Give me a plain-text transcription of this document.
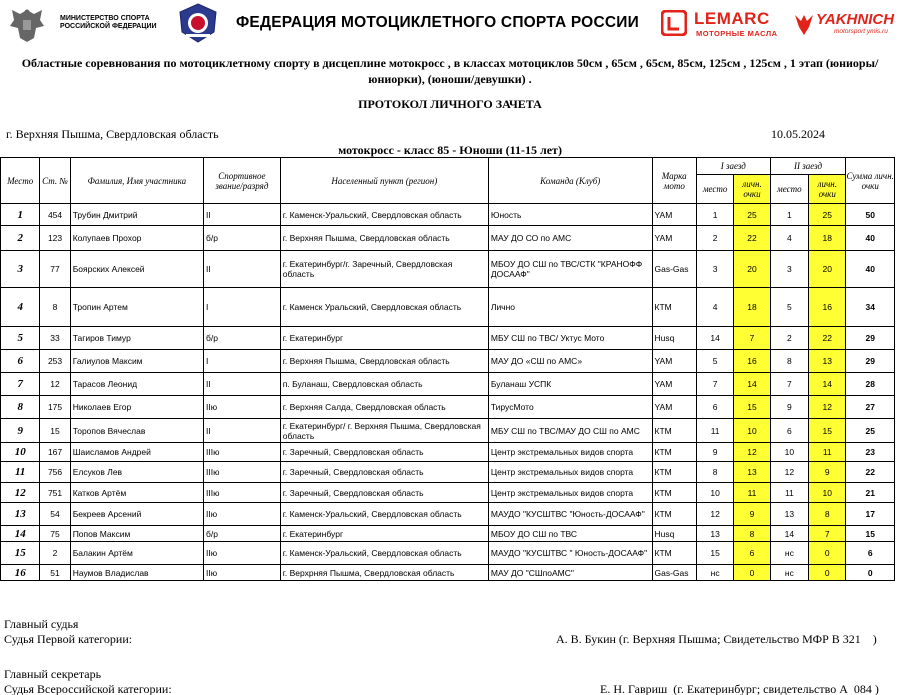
МИНИСТЕРСТВО СПОРТА РОССИЙСКОЙ ФЕДЕРАЦИИ	ФЕДЕРАЦИЯ МОТОЦИКЛЕТНОГО СПОРТА РОССИИ	LEMARC
МОТОРНЫЕ МАСЛА
YAKHNICH
motorsport ymis.ru
Областные соревнования по мотоциклетному спорту в дисцеплине мотокросс , в классах мотоциклов 50см , 65см , 65см, 85см, 125см , 125см , 1 этап (юниоры/юниорки), (юноши/девушки) .
ПРОТОКОЛ ЛИЧНОГО ЗАЧЕТА
г. Верхняя Пышма, Свердловская область	10.05.2024
мотокросс - класс 85 - Юноши (11-15 лет)
Место	Ст. №	Фамилия, Имя участника	Спортивное звание/разряд	Населенный пункт (регион)	Команда (Клуб)	Марка мото	I заезд		II заезд		Сумма личн. очки
							место	личн. очки	место	личн. очки	
1	454	Трубин Дмитрий	II	г. Каменск-Уральский, Свердловская область	Юность	YAM	1	25	1	25	50
2	123	Колупаев Прохор	б/р	г. Верхняя Пышма, Свердловская область	МАУ ДО СО по АМС	YAM	2	22	4	18	40
3	77	Боярских Алексей	II	г. Екатеринбург/г. Заречный, Свердловская область	МБОУ ДО СШ по ТВС/СТК "КРАНОФФ ДОСААФ"	Gas-Gas	3	20	3	20	40
4	8	Тропин Артем	I	г. Каменск Уральский, Свердловская область	Лично	КТМ	4	18	5	16	34
5	33	Тагиров Тимур	б/р	г. Екатеринбург	МБУ СШ по ТВС/ Уктус Мото	Husq	14	7	2	22	29
6	253	Галиулов Максим	I	г. Верхняя Пышма, Свердловская область	МАУ ДО «СШ по АМС»	YAM	5	16	8	13	29
7	12	Тарасов Леонид	II	п. Буланаш, Свердловская область	Буланаш УСПК	YAM	7	14	7	14	28
8	175	Николаев Егор	IIю	г. Верхняя Салда, Свердловская область	ТирусМото	YAM	6	15	9	12	27
9	15	Торопов Вячеслав	II	г. Екатеринбург/ г. Верхняя Пышма, Свердловская область	МБУ СШ по ТВС/МАУ ДО СШ по АМС	КТМ	11	10	6	15	25
10	167	Шаисламов Андрей	IIIю	г. Заречный, Свердловская область	Центр экстремальных видов спорта	КТМ	9	12	10	11	23
11	756	Елсуков Лев	IIIю	г. Заречный, Свердловская область	Центр экстремальных видов спорта	КТМ	8	13	12	9	22
12	751	Катков Артём	IIIю	г. Заречный, Свердловская область	Центр экстремальных видов спорта	КТМ	10	11	11	10	21
13	54	Бекреев Арсений	IIю	г. Каменск-Уральский, Свердловская область	МАУДО "КУСШТВС "Юность-ДОСААФ"	КТМ	12	9	13	8	17
14	75	Попов Максим	б/р	г. Екатеринбург	МБОУ ДО СШ по ТВС	Husq	13	8	14	7	15
15	2	Балакин Артём	IIю	г. Каменск-Уральский, Свердловская область	МАУДО "КУСШТВС " Юность-ДОСААФ"	КТМ	15	6	нс	0	6
16	51	Наумов Владислав	IIю	г. Верхрняя Пышма, Свердловская область	МАУ ДО "СШпоАМС"	Gas-Gas	нс	0	нс	0	0
Главный судья
Судья Первой категории:	А. В. Букин (г. Верхняя Пышма; Свидетельство МФР В 321    )
Главный секретарь
Судья Всероссийской категории:	Е. Н. Гавриш  (г. Екатеринбург; свидетельство А  084 )
